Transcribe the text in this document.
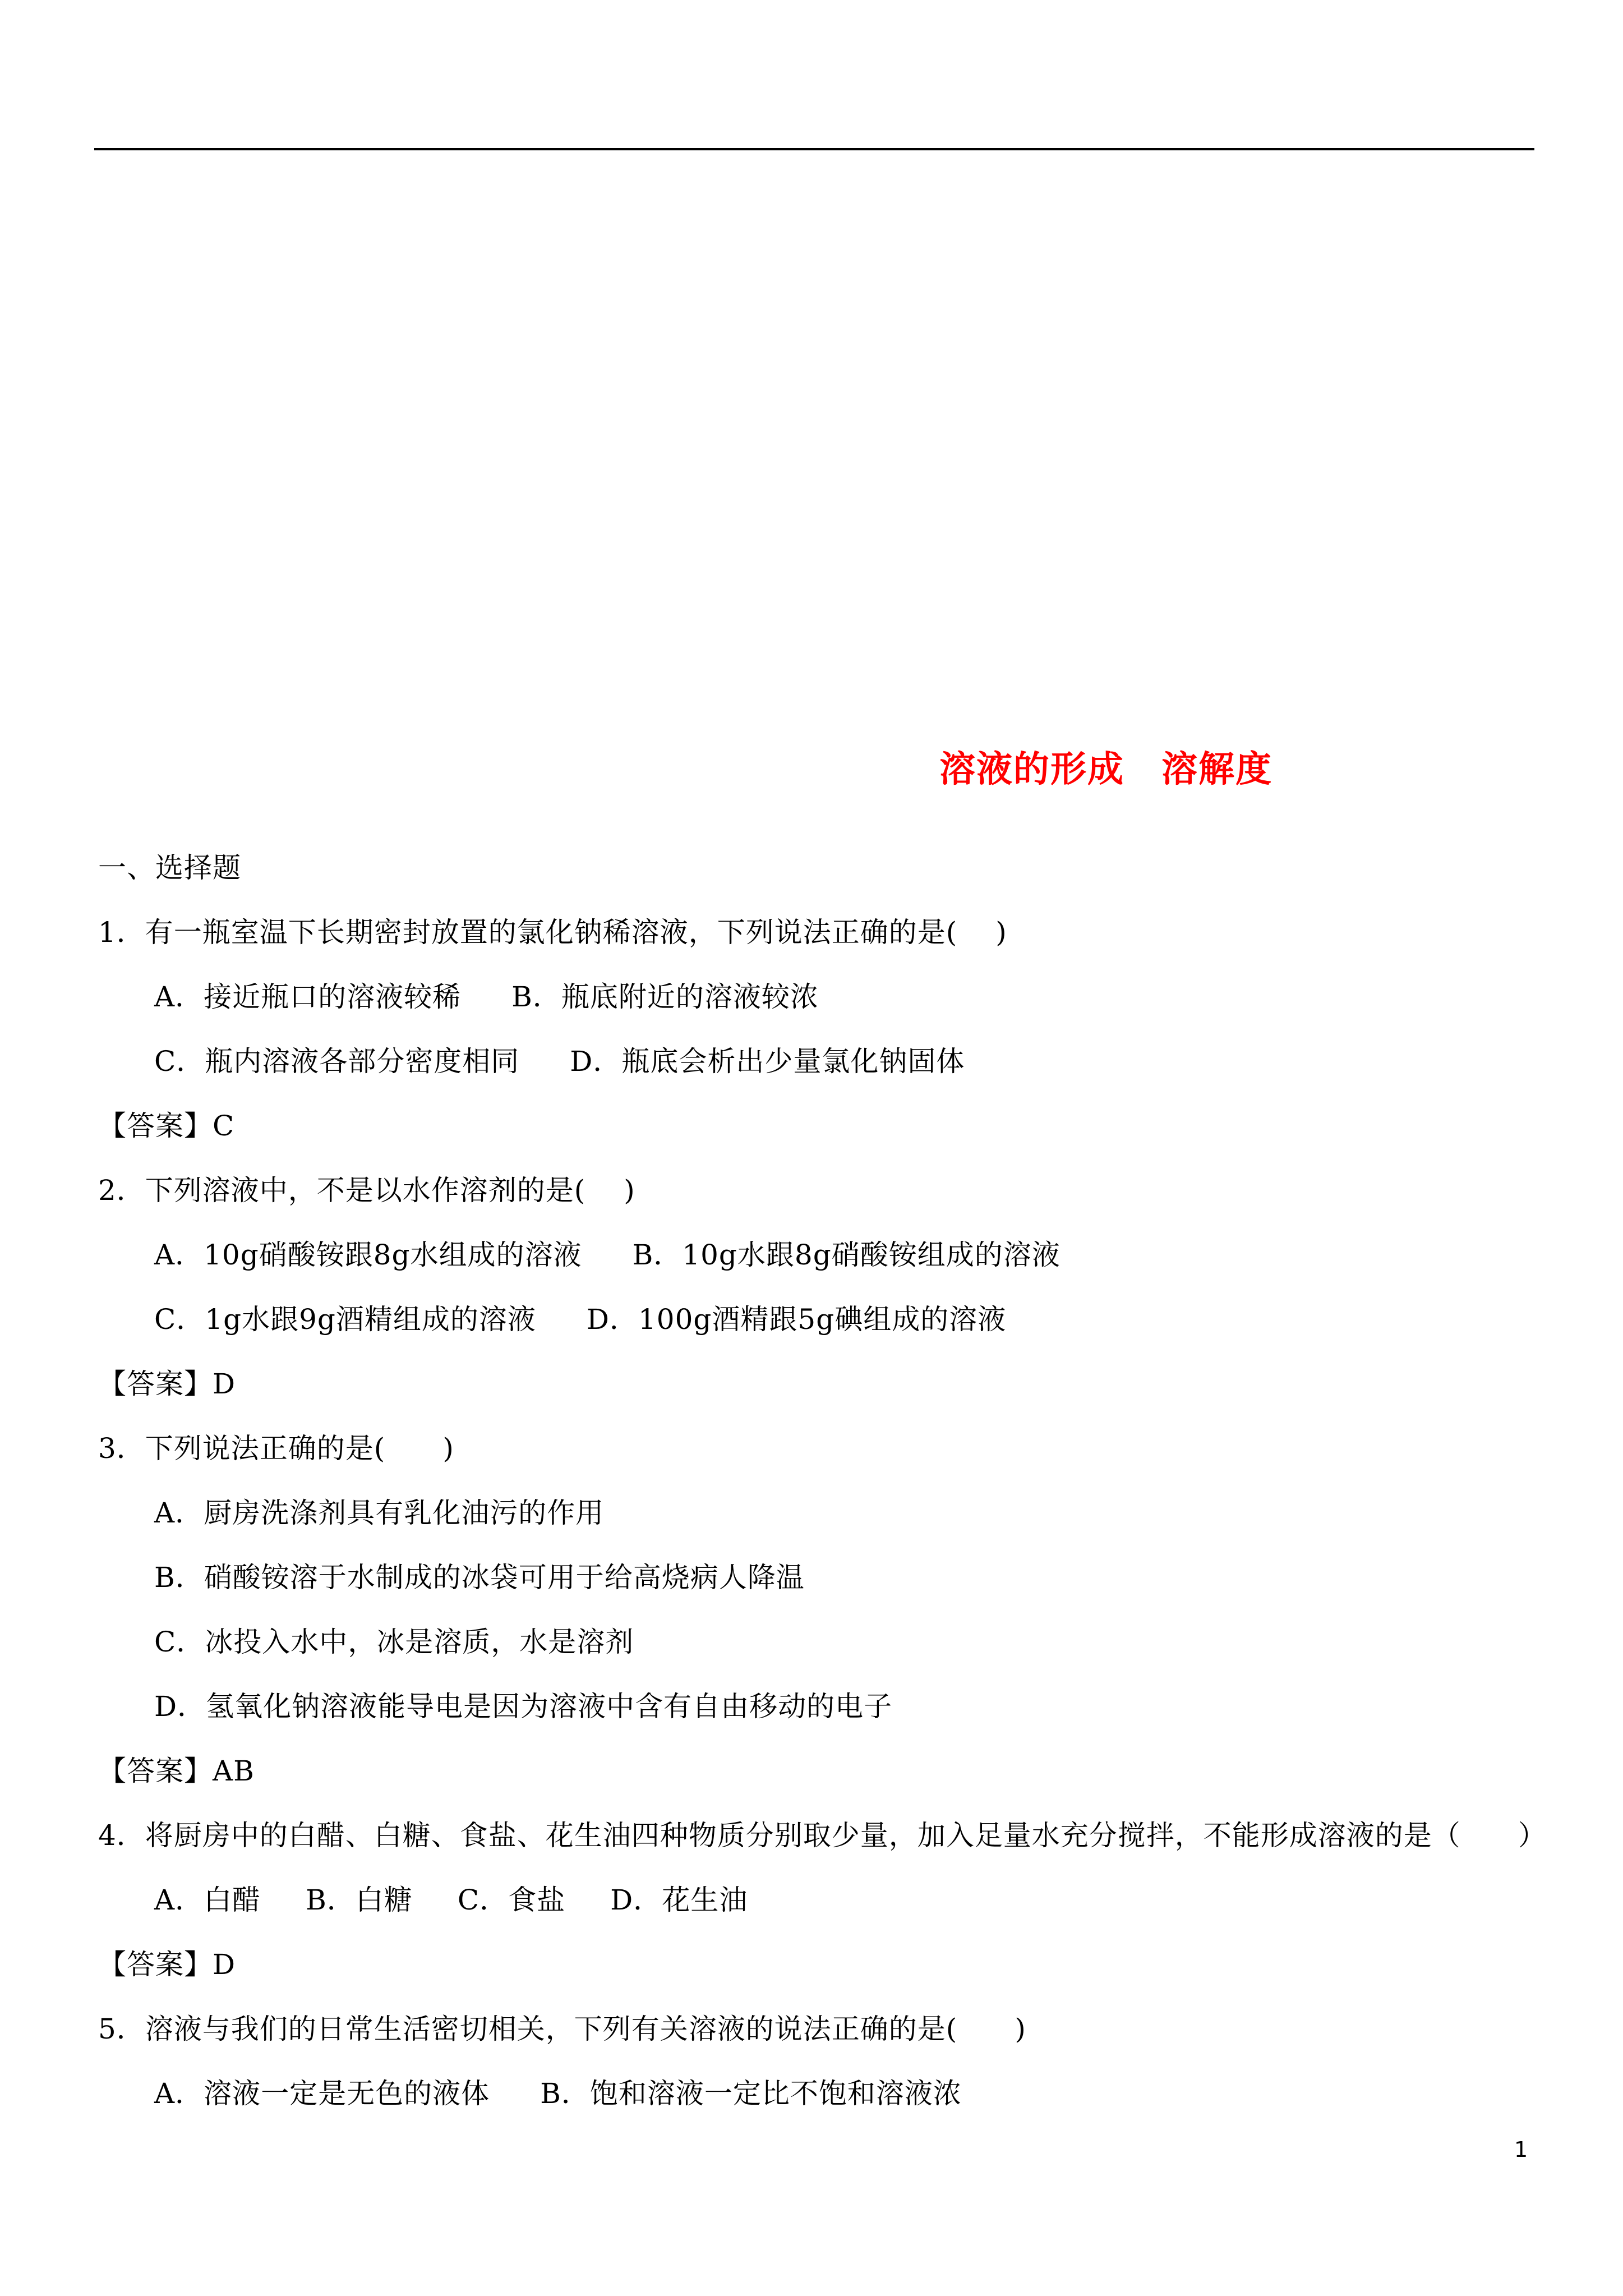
溶液的形成　溶解度
一、选择题
1．有一瓶室温下长期密封放置的氯化钠稀溶液，下列说法正确的是(　 )
A．接近瓶口的溶液较稀 B．瓶底附近的溶液较浓
C．瓶内溶液各部分密度相同 D．瓶底会析出少量氯化钠固体
【答案】C
2．下列溶液中，不是以水作溶剂的是(　 )
A．10g硝酸铵跟8g水组成的溶液 B．10g水跟8g硝酸铵组成的溶液
C．1g水跟9g酒精组成的溶液 D．100g酒精跟5g碘组成的溶液
【答案】D
3．下列说法正确的是(　　)
A．厨房洗涤剂具有乳化油污的作用
B．硝酸铵溶于水制成的冰袋可用于给高烧病人降温
C．冰投入水中，冰是溶质，水是溶剂
D．氢氧化钠溶液能导电是因为溶液中含有自由移动的电子
【答案】AB
4．将厨房中的白醋、白糖、食盐、花生油四种物质分别取少量，加入足量水充分搅拌，不能形成溶液的是（　　）
A．白醋 B．白糖 C．食盐 D．花生油
【答案】D
5．溶液与我们的日常生活密切相关，下列有关溶液的说法正确的是(　　)
A．溶液一定是无色的液体 B．饱和溶液一定比不饱和溶液浓
1
